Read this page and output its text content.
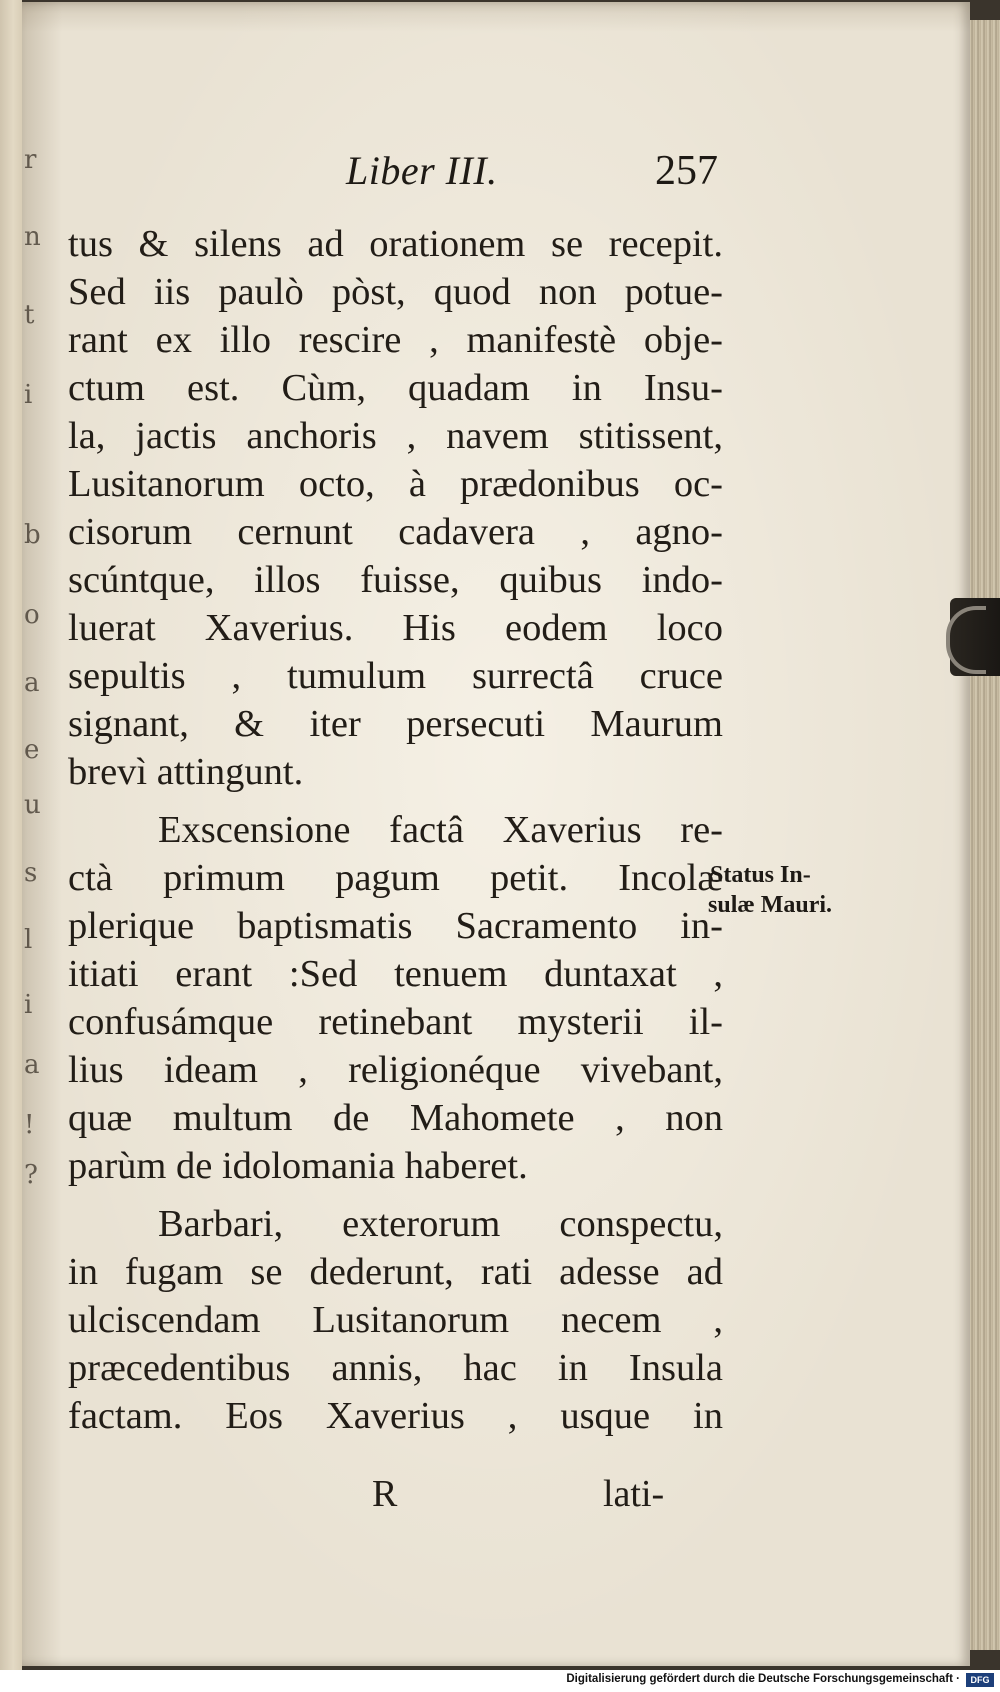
r
n
t
i
b
o
a
e
u
s
l
i
a
!
?
Liber III.	257
tus & silens ad orationem se recepit.
Sed iis paulò pòst, quod non potue-
rant ex illo rescire , manifestè obje-
ctum est. Cùm, quadam in Insu-
la, jactis anchoris , navem stitissent,
Lusitanorum octo, à prædonibus oc-
cisorum cernunt cadavera , agno-
scúntque, illos fuisse, quibus indo-
luerat Xaverius. His eodem loco
sepultis , tumulum surrectâ cruce
signant, & iter persecuti Maurum
brevì attingunt.
Exscensione factâ Xaverius re-
ctà primum pagum petit. Incolæ
plerique baptismatis Sacramento in-
itiati erant :Sed tenuem duntaxat ,
confusámque retinebant mysterii il-
lius ideam , religionéque vivebant,
quæ multum de Mahomete , non
parùm de idolomania haberet.
Barbari, exterorum conspectu,
in fugam se dederunt, rati adesse ad
ulciscendam Lusitanorum necem ,
præcedentibus annis, hac in Insula
factam. Eos Xaverius , usque in
Status In-
sulæ Mauri.
R	lati-
Digitalisierung gefördert durch die Deutsche Forschungsgemeinschaft ·	DFG
